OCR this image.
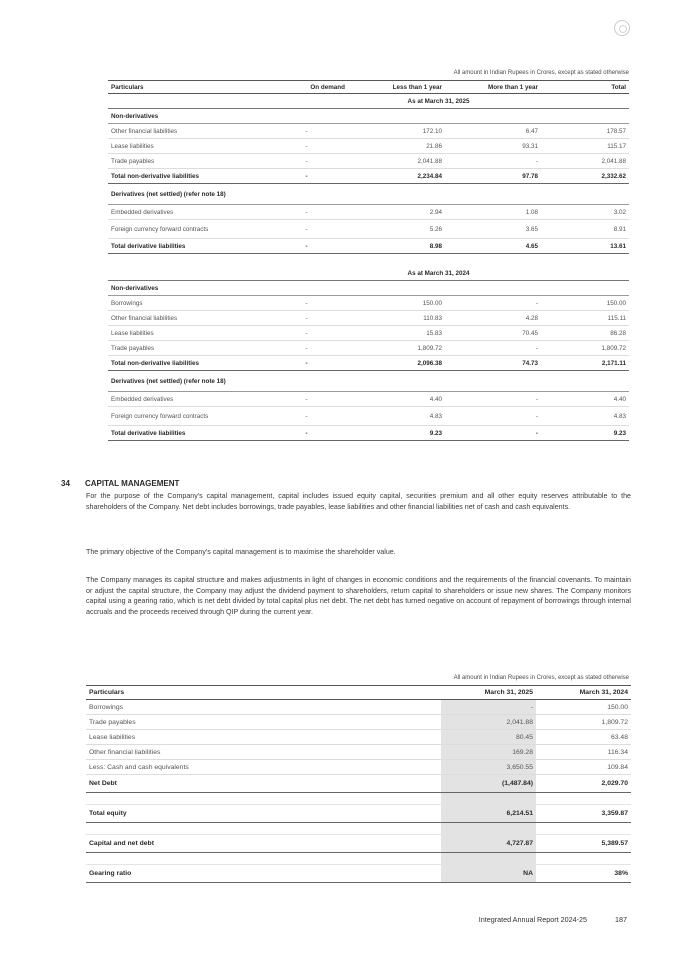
All amount in Indian Rupees in Crores, except as stated otherwise
Particulars	On demand	Less than 1 year	More than 1 year	Total
	As at March 31, 2025			
Non-derivatives				
Other financial liabilities	-	172.10	6.47	178.57
Lease liabilities	-	21.86	93.31	115.17
Trade payables	-	2,041.88	-	2,041.88
Total non-derivative liabilities	-	2,234.84	97.78	2,332.62
Derivatives (net settled) (refer note 18)				
Embedded derivatives	-	2.94	1.08	3.02
Foreign currency forward contracts	-	5.26	3.65	8.91
Total derivative liabilities	-	8.98	4.65	13.61

	As at March 31, 2024			
Non-derivatives				
Borrowings	-	150.00	-	150.00
Other financial liabilities	-	110.83	4.28	115.11
Lease liabilities	-	15.83	70.45	86.28
Trade payables	-	1,809.72	-	1,809.72
Total non-derivative liabilities	-	2,096.38	74.73	2,171.11
Derivatives (net settled) (refer note 18)				
Embedded derivatives	-	4.40	-	4.40
Foreign currency forward contracts	-	4.83	-	4.83
Total derivative liabilities	-	9.23	-	9.23
34 CAPITAL MANAGEMENT

For the purpose of the Company's capital management, capital includes issued equity capital, securities premium and all other equity reserves attributable to the shareholders of the Company. Net debt includes borrowings, trade payables, lease liabilities and other financial liabilities net of cash and cash equivalents.

The primary objective of the Company's capital management is to maximise the shareholder value.

The Company manages its capital structure and makes adjustments in light of changes in economic conditions and the requirements of the financial covenants. To maintain or adjust the capital structure, the Company may adjust the dividend payment to shareholders, return capital to shareholders or issue new shares. The Company monitors capital using a gearing ratio, which is net debt divided by total capital plus net debt. The net debt has turned negative on account of repayment of borrowings through internal accruals and the proceeds received through QIP during the current year.

All amount in Indian Rupees in Crores, except as stated otherwise
Particulars	March 31, 2025	March 31, 2024
Borrowings	-	150.00
Trade payables	2,041.88	1,809.72
Lease liabilities	80.45	63.48
Other financial liabilities	169.28	116.34
Less: Cash and cash equivalents	3,650.55	109.84
Net Debt	(1,487.84)	2,029.70

Total equity	6,214.51	3,359.87

Capital and net debt	4,727.87	5,389.57

Gearing ratio	NA	38%
Integrated Annual Report 2024-25	187
